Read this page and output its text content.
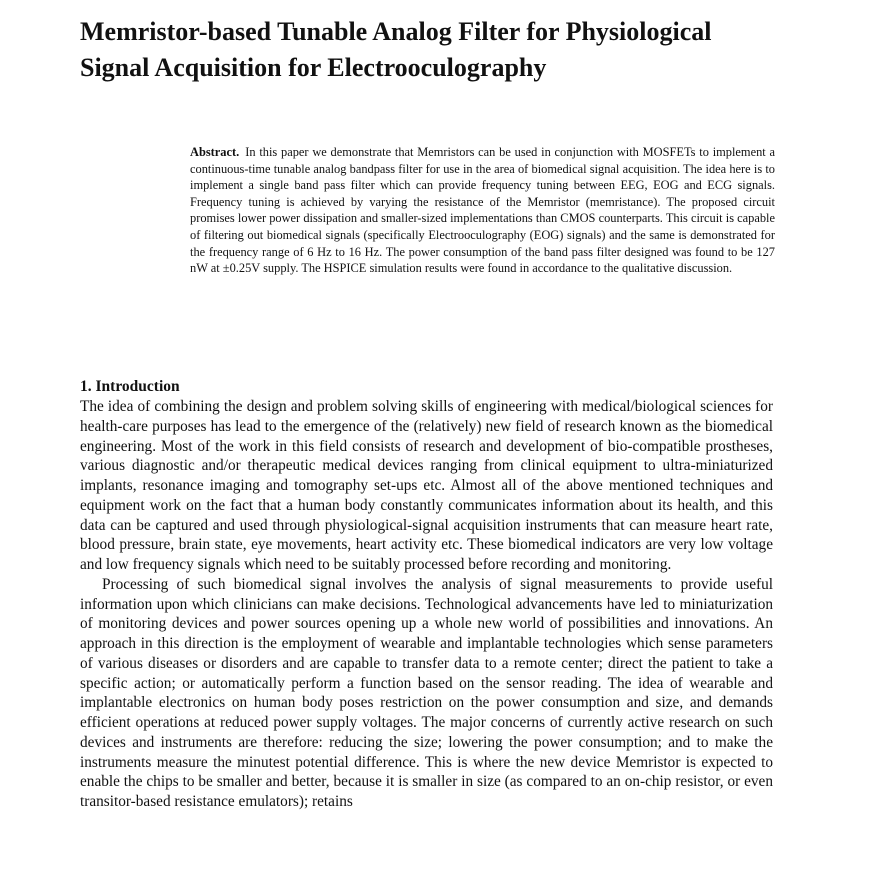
Memristor-based Tunable Analog Filter for Physiological Signal Acquisition for Electrooculography

Abstract. In this paper we demonstrate that Memristors can be used in conjunction with MOSFETs to implement a continuous-time tunable analog bandpass filter for use in the area of biomedical signal acquisition. The idea here is to implement a single band pass filter which can provide frequency tuning between EEG, EOG and ECG signals. Frequency tuning is achieved by varying the resistance of the Memristor (memristance). The proposed circuit promises lower power dissipation and smaller-sized implementations than CMOS counterparts. This circuit is capable of filtering out biomedical signals (specifically Electrooculography (EOG) signals) and the same is demonstrated for the frequency range of 6 Hz to 16 Hz. The power consumption of the band pass filter designed was found to be 127 nW at ±0.25V supply. The HSPICE simulation results were found in accordance to the qualitative discussion.

1. Introduction

The idea of combining the design and problem solving skills of engineering with medical/biological sciences for health-care purposes has lead to the emergence of the (relatively) new field of research known as the biomedical engineering. Most of the work in this field consists of research and development of bio-compatible prostheses, various diagnostic and/or therapeutic medical devices ranging from clinical equipment to ultra-miniaturized implants, resonance imaging and tomography set-ups etc. Almost all of the above mentioned techniques and equipment work on the fact that a human body constantly communicates information about its health, and this data can be captured and used through physiological-signal acquisition instruments that can measure heart rate, blood pressure, brain state, eye movements, heart activity etc. These biomedical indicators are very low voltage and low frequency signals which need to be suitably processed before recording and monitoring.

Processing of such biomedical signal involves the analysis of signal measurements to provide useful information upon which clinicians can make decisions. Technological advancements have led to miniaturization of monitoring devices and power sources opening up a whole new world of possibilities and innovations. An approach in this direction is the employment of wearable and implantable technologies which sense parameters of various diseases or disorders and are capable to transfer data to a remote center; direct the patient to take a specific action; or automatically perform a function based on the sensor reading. The idea of wearable and implantable electronics on human body poses restriction on the power consumption and size, and demands efficient operations at reduced power supply voltages. The major concerns of currently active research on such devices and instruments are therefore: reducing the size; lowering the power consumption; and to make the instruments measure the minutest potential difference. This is where the new device Memristor is expected to enable the chips to be smaller and better, because it is smaller in size (as compared to an on-chip resistor, or even transitor-based resistance emulators); retains
